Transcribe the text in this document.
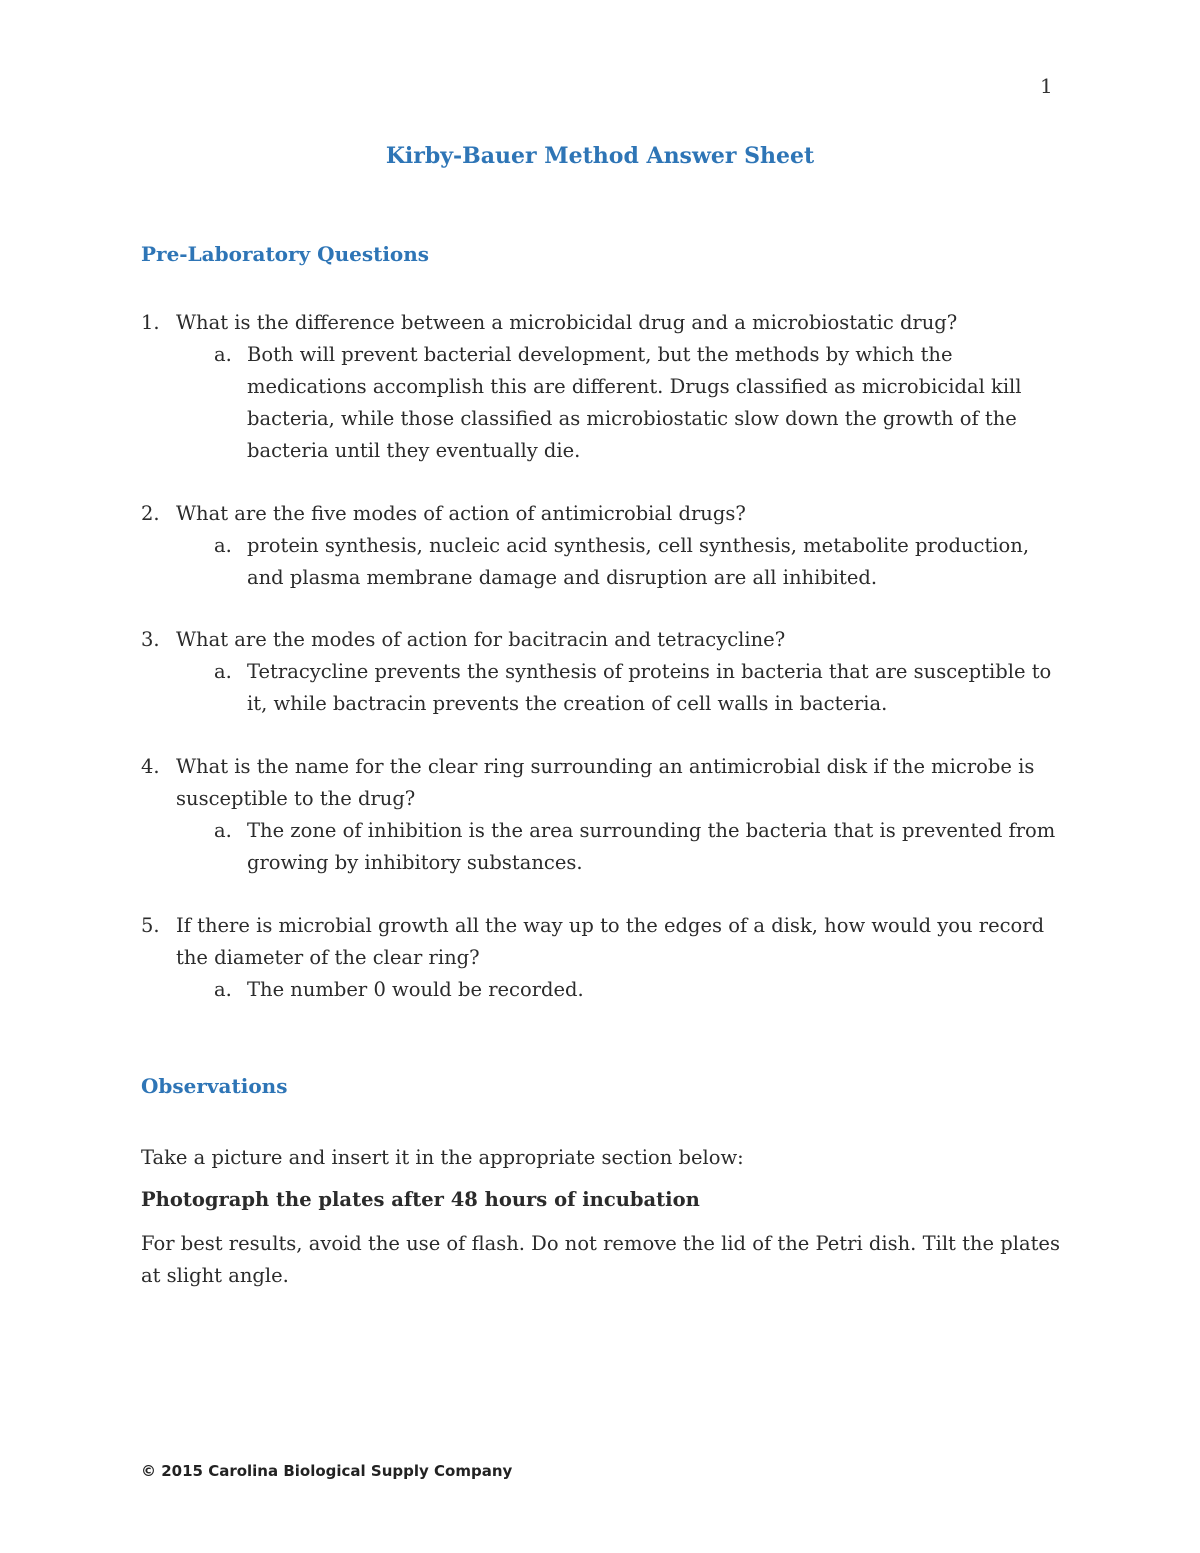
1
Kirby-Bauer Method Answer Sheet
Pre-Laboratory Questions
1. What is the difference between a microbicidal drug and a microbiostatic drug?
a. Both will prevent bacterial development, but the methods by which the medications accomplish this are different. Drugs classified as microbicidal kill bacteria, while those classified as microbiostatic slow down the growth of the bacteria until they eventually die.
2. What are the five modes of action of antimicrobial drugs?
a. protein synthesis, nucleic acid synthesis, cell synthesis, metabolite production, and plasma membrane damage and disruption are all inhibited.
3. What are the modes of action for bacitracin and tetracycline?
a. Tetracycline prevents the synthesis of proteins in bacteria that are susceptible to it, while bactracin prevents the creation of cell walls in bacteria.
4. What is the name for the clear ring surrounding an antimicrobial disk if the microbe is susceptible to the drug?
a. The zone of inhibition is the area surrounding the bacteria that is prevented from growing by inhibitory substances.
5. If there is microbial growth all the way up to the edges of a disk, how would you record the diameter of the clear ring?
a. The number 0 would be recorded.
Observations
Take a picture and insert it in the appropriate section below:
Photograph the plates after 48 hours of incubation
For best results, avoid the use of flash. Do not remove the lid of the Petri dish. Tilt the plates at slight angle.
© 2015 Carolina Biological Supply Company
